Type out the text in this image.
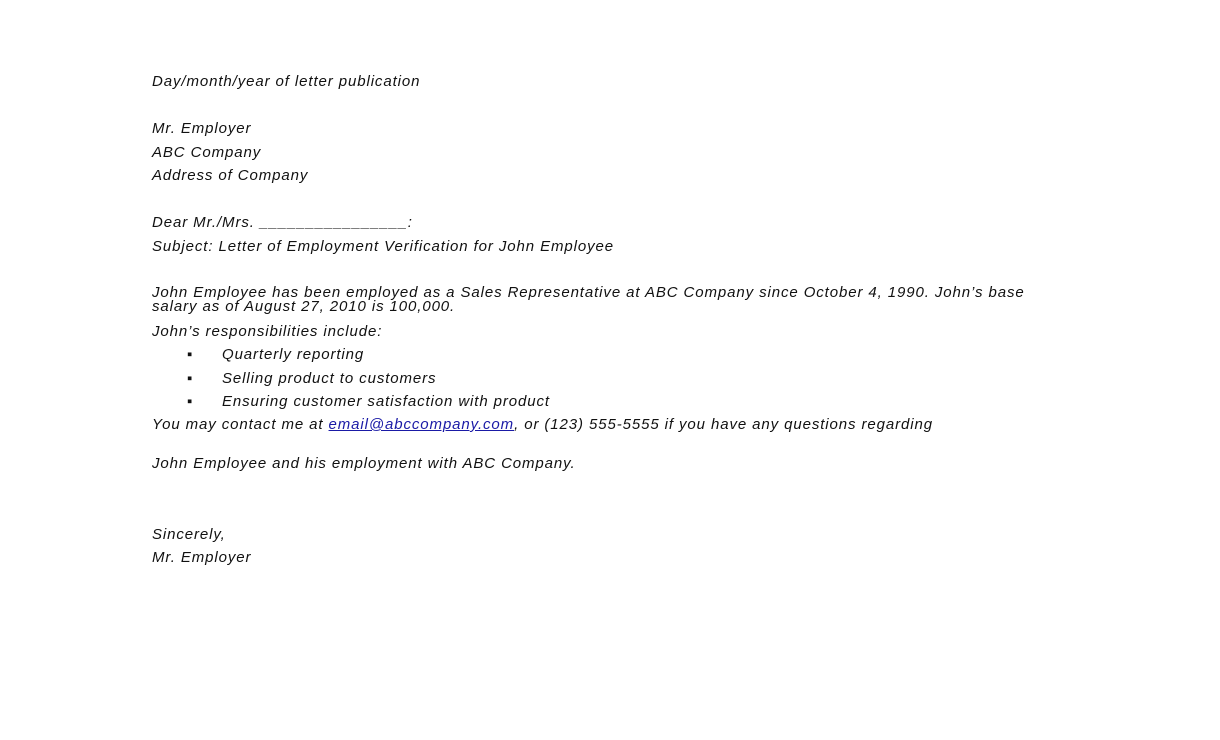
Day/month/year of letter publication
Mr. Employer
ABC Company
Address of Company
Dear Mr./Mrs. ________________:
Subject: Letter of Employment Verification for John Employee
John Employee has been employed as a Sales Representative at ABC Company since October 4, 1990. John’s base salary as of August 27, 2010 is 100,000.
John’s responsibilities include:
▪ Quarterly reporting
▪ Selling product to customers
▪ Ensuring customer satisfaction with product
You may contact me at email@abccompany.com, or (123) 555-5555 if you have any questions regarding
John Employee and his employment with ABC Company.
Sincerely,
Mr. Employer
